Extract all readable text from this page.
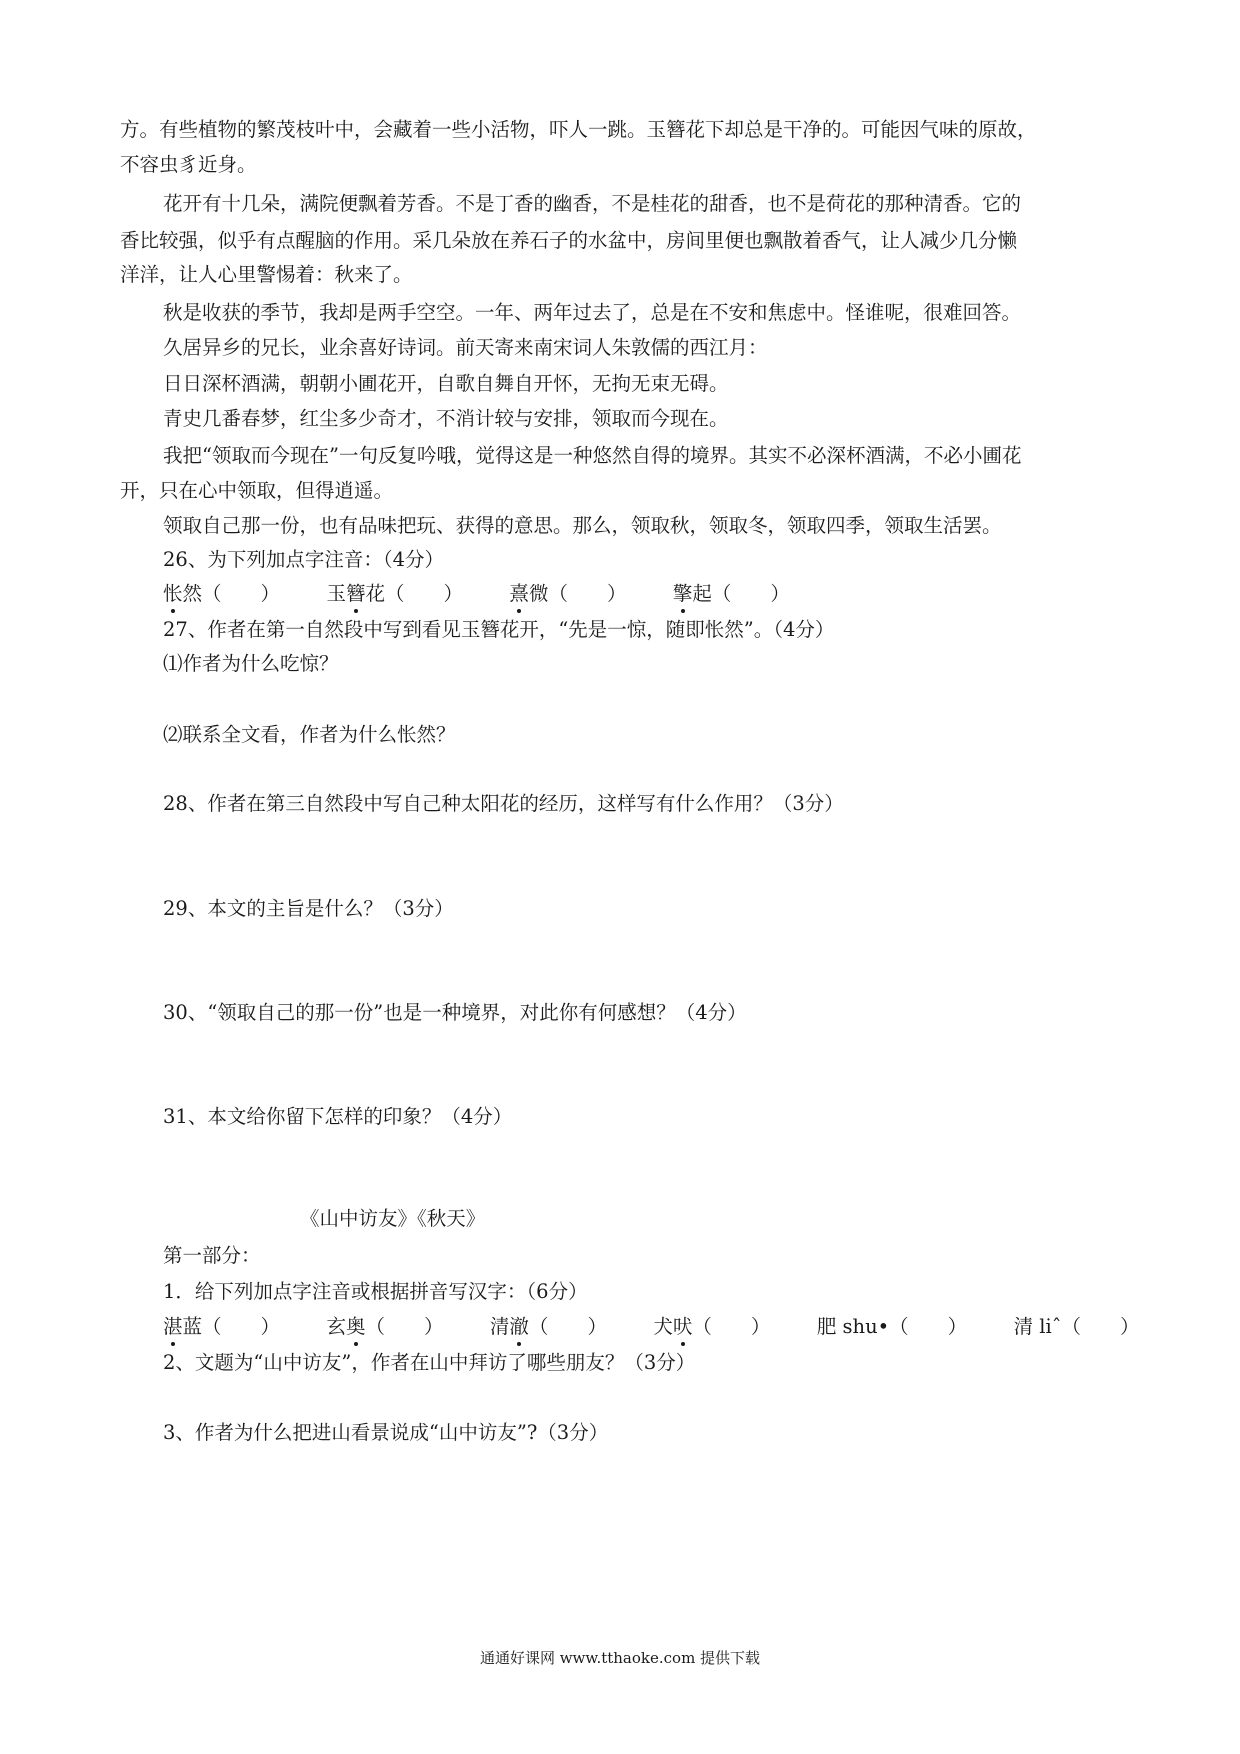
方。有些植物的繁茂枝叶中，会藏着一些小活物，吓人一跳。玉簪花下却总是干净的。可能因气味的原故，
不容虫豸近身。
花开有十几朵，满院便飘着芳香。不是丁香的幽香，不是桂花的甜香，也不是荷花的那种清香。它的
香比较强，似乎有点醒脑的作用。采几朵放在养石子的水盆中，房间里便也飘散着香气，让人减少几分懒
洋洋，让人心里警惕着：秋来了。
秋是收获的季节，我却是两手空空。一年、两年过去了，总是在不安和焦虑中。怪谁呢，很难回答。
久居异乡的兄长，业余喜好诗词。前天寄来南宋词人朱敦儒的西江月：
日日深杯酒满，朝朝小圃花开，自歌自舞自开怀，无拘无束无碍。
青史几番春梦，红尘多少奇才，不消计较与安排，领取而今现在。
我把“领取而今现在”一句反复吟哦，觉得这是一种悠然自得的境界。其实不必深杯酒满，不必小圃花
开，只在心中领取，但得逍遥。
领取自己那一份，也有品味把玩、获得的意思。那么，领取秋，领取冬，领取四季，领取生活罢。
26、为下列加点字注音：（4分）
怅然（　　） 玉簪花（　　） 熹微（　　） 擎起（　　）
27、作者在第一自然段中写到看见玉簪花开，“先是一惊，随即怅然”。（4分）
⑴作者为什么吃惊？
⑵联系全文看，作者为什么怅然？
28、作者在第三自然段中写自己种太阳花的经历，这样写有什么作用？（3分）
29、本文的主旨是什么？（3分）
30、“领取自己的那一份”也是一种境界，对此你有何感想？（4分）
31、本文给你留下怎样的印象？（4分）
《山中访友》《秋天》
第一部分：
1．给下列加点字注音或根据拼音写汉字：（6分）
湛蓝（　　） 玄奥（　　） 清澈（　　） 犬吠（　　） 肥 shu•（　　） 清 liˆ（　　）
2、文题为“山中访友”，作者在山中拜访了哪些朋友？（3分）
3、作者为什么把进山看景说成“山中访友”?（3分）
通通好课网 www.tthaoke.com 提供下载
